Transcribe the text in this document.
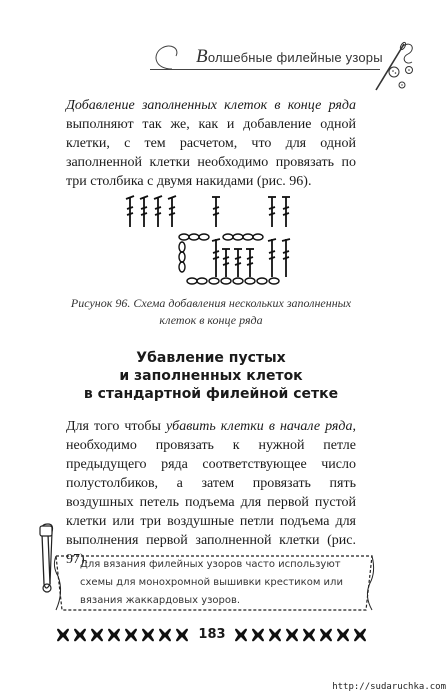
Волшебные филейные узоры
Добавление заполненных клеток в конце ряда выполняют так же, как и добавление одной клетки, с тем расчетом, что для одной заполненной клетки необходимо провязать по три столбика с двумя накидами (рис. 96).
Рисунок 96. Схема добавления нескольких заполненных клеток в конце ряда
Убавление пустых
и заполненных клеток
в стандартной филейной сетке
Для того чтобы убавить клетки в начале ряда, необходимо провязать к нужной петле предыдущего ряда соответствующее число полустолбиков, а затем провязать пять воздушных петель подъема для первой пустой клетки или три воздушные петли подъема для выполнения первой заполненной клетки (рис. 97).
Для вязания филейных узоров часто используют схемы для монохромной вышивки крестиком или вязания жаккардовых узоров.
183
http://sudaruchka.com
